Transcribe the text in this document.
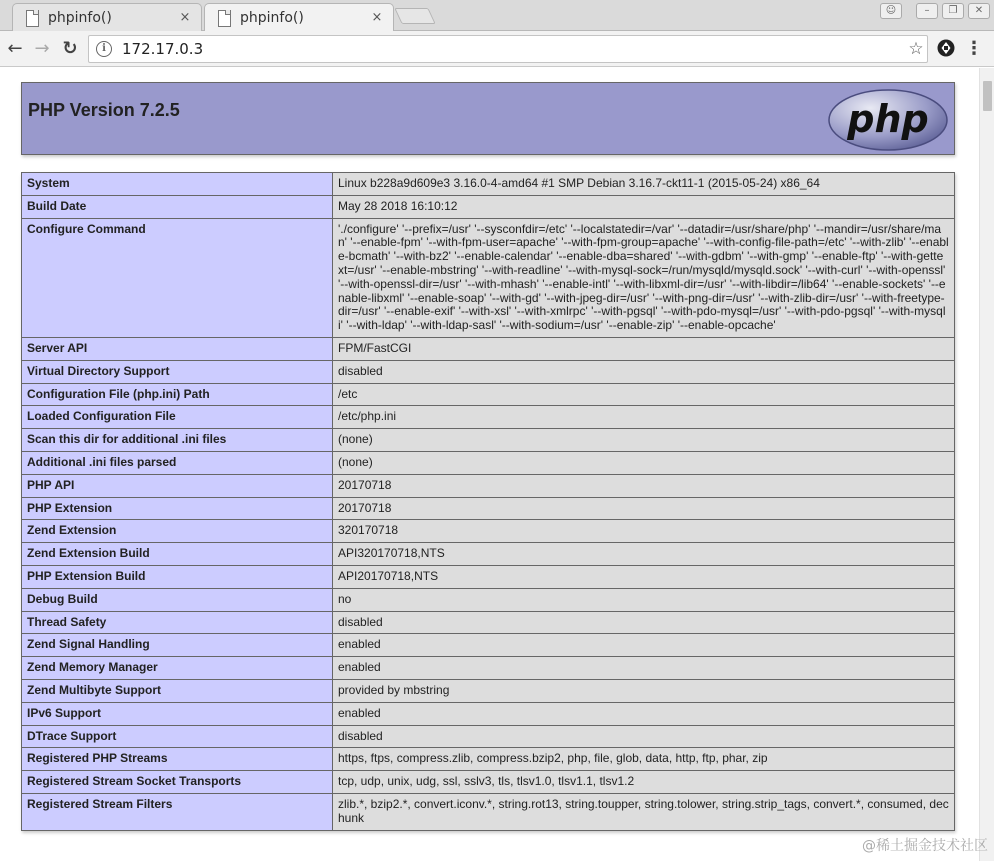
phpinfo()	×	phpinfo()	×	☺	–	❐	✕
← → ↻	i	172.17.0.3	☆ ⋮
PHP Version 7.2.5	php
System	Linux b228a9d609e3 3.16.0-4-amd64 #1 SMP Debian 3.16.7-ckt11-1 (2015-05-24) x86_64
Build Date	May 28 2018 16:10:12
Configure Command	'./configure' '--prefix=/usr' '--sysconfdir=/etc' '--localstatedir=/var' '--datadir=/usr/share/php' '--mandir=/usr/share/man' '--enable-fpm' '--with-fpm-user=apache' '--with-fpm-group=apache' '--with-config-file-path=/etc' '--with-zlib' '--enable-bcmath' '--with-bz2' '--enable-calendar' '--enable-dba=shared' '--with-gdbm' '--with-gmp' '--enable-ftp' '--with-gettext=/usr' '--enable-mbstring' '--with-readline' '--with-mysql-sock=/run/mysqld/mysqld.sock' '--with-curl' '--with-openssl' '--with-openssl-dir=/usr' '--with-mhash' '--enable-intl' '--with-libxml-dir=/usr' '--with-libdir=/lib64' '--enable-sockets' '--enable-libxml' '--enable-soap' '--with-gd' '--with-jpeg-dir=/usr' '--with-png-dir=/usr' '--with-zlib-dir=/usr' '--with-freetype-dir=/usr' '--enable-exif' '--with-xsl' '--with-xmlrpc' '--with-pgsql' '--with-pdo-mysql=/usr' '--with-pdo-pgsql' '--with-mysqli' '--with-ldap' '--with-ldap-sasl' '--with-sodium=/usr' '--enable-zip' '--enable-opcache'
Server API	FPM/FastCGI
Virtual Directory Support	disabled
Configuration File (php.ini) Path	/etc
Loaded Configuration File	/etc/php.ini
Scan this dir for additional .ini files	(none)
Additional .ini files parsed	(none)
PHP API	20170718
PHP Extension	20170718
Zend Extension	320170718
Zend Extension Build	API320170718,NTS
PHP Extension Build	API20170718,NTS
Debug Build	no
Thread Safety	disabled
Zend Signal Handling	enabled
Zend Memory Manager	enabled
Zend Multibyte Support	provided by mbstring
IPv6 Support	enabled
DTrace Support	disabled
Registered PHP Streams	https, ftps, compress.zlib, compress.bzip2, php, file, glob, data, http, ftp, phar, zip
Registered Stream Socket Transports	tcp, udp, unix, udg, ssl, sslv3, tls, tlsv1.0, tlsv1.1, tlsv1.2
Registered Stream Filters	zlib.*, bzip2.*, convert.iconv.*, string.rot13, string.toupper, string.tolower, string.strip_tags, convert.*, consumed, dechunk
@稀土掘金技术社区
